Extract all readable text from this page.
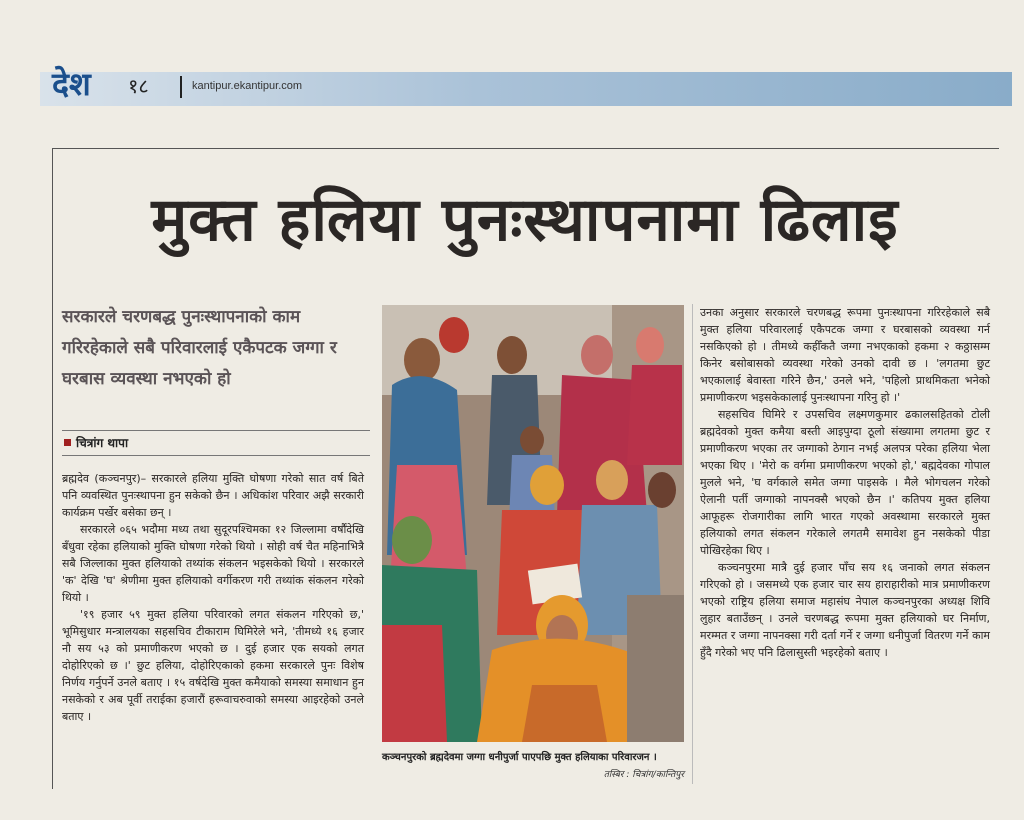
देश १८	kantipur.ekantipur.com
मुक्त हलिया पुनःस्थापनामा ढिलाइ
सरकारले चरणबद्ध पुनःस्थापनाको काम गरिरहेकाले सबै परिवारलाई एकैपटक जग्गा र घरबास व्यवस्था नभएको हो
चित्रांग थापा

ब्रह्मदेव (कञ्चनपुर)– सरकारले हलिया मुक्ति घोषणा गरेको सात वर्ष बिते पनि व्यवस्थित पुनःस्थापना हुन सकेको छैन । अधिकांश परिवार अझै सरकारी कार्यक्रम पर्खेर बसेका छन् ।

सरकारले ०६५ भदौमा मध्य तथा सुदूरपश्चिमका १२ जिल्लामा वर्षौंदेखि बँधुवा रहेका हलियाको मुक्ति घोषणा गरेको थियो । सोही वर्ष चैत महिनाभित्रै सबै जिल्लाका मुक्त हलियाको तथ्यांक संकलन भइसकेको थियो । सरकारले 'क' देखि 'घ' श्रेणीमा मुक्त हलियाको वर्गीकरण गरी तथ्यांक संकलन गरेको थियो ।

'१९ हजार ५९ मुक्त हलिया परिवारको लगत संकलन गरिएको छ,' भूमिसुधार मन्त्रालयका सहसचिव टीकाराम घिमिरेले भने, 'तीमध्ये १६ हजार नौ सय ५३ को प्रमाणीकरण भएको छ । दुई हजार एक सयको लगत दोहोरिएको छ ।' छुट हलिया, दोहोरिएकाको हकमा सरकारले पुनः विशेष निर्णय गर्नुपर्ने उनले बताए । १५ वर्षदेखि मुक्त कमैयाको समस्या समाधान हुन नसकेको र अब पूर्वी तराईका हजारौं हरूवाचरुवाको समस्या आइरहेको उनले बताए ।

कञ्चनपुरको ब्रह्मदेवमा जग्गा धनीपुर्जा पाएपछि मुक्त हलियाका परिवारजन ।
तस्बिर : चित्रांग/कान्तिपुर

उनका अनुसार सरकारले चरणबद्ध रूपमा पुनःस्थापना गरिरहेकाले सबै मुक्त हलिया परिवारलाई एकैपटक जग्गा र घरबासको व्यवस्था गर्न नसकिएको हो । तीमध्ये कहीँकतै जग्गा नभएकाको हकमा २ कठ्ठासम्म किनेर बसोबासको व्यवस्था गरेको उनको दावी छ । 'लगतमा छुट भएकालाई बेवास्ता गरिने छैन,' उनले भने, 'पहिलो प्राथमिकता भनेको प्रमाणीकरण भइसकेकालाई पुनःस्थापना गरिनु हो ।'

सहसचिव घिमिरे र उपसचिव लक्ष्मणकुमार ढकालसहितको टोली ब्रह्मदेवको मुक्त कमैया बस्ती आइपुग्दा ठूलो संख्यामा लगतमा छुट र प्रमाणीकरण भएका तर जग्गाको ठेगान नभई अलपत्र परेका हलिया भेला भएका थिए । 'मेरो क वर्गमा प्रमाणीकरण भएको हो,' बह्मदेवका गोपाल मुलले भने, 'घ वर्गकाले समेत जग्गा पाइसके । मैले भोगचलन गरेको ऐलानी पर्ती जग्गाको नापनक्सै भएको छैन ।' कतिपय मुक्त हलिया आफूहरू रोजगारीका लागि भारत गएको अवस्थामा सरकारले मुक्त हलियाको लगत संकलन गरेकाले लगतमै समावेश हुन नसकेको पीडा पोखिरहेका थिए ।

कञ्चनपुरमा मात्रै दुई हजार पाँच सय १६ जनाको लगत संकलन गरिएको हो । जसमध्ये एक हजार चार सय हाराहारीको मात्र प्रमाणीकरण भएको राष्ट्रिय हलिया समाज महासंघ नेपाल कञ्चनपुरका अध्यक्ष शिवि लुहार बताउँछन् । उनले चरणबद्ध रूपमा मुक्त हलियाको घर निर्माण, मरम्मत र जग्गा नापनक्सा गरी दर्ता गर्ने र जग्गा धनीपुर्जा वितरण गर्ने काम हुँदै गरेको भए पनि ढिलासुस्ती भइरहेको बताए ।
